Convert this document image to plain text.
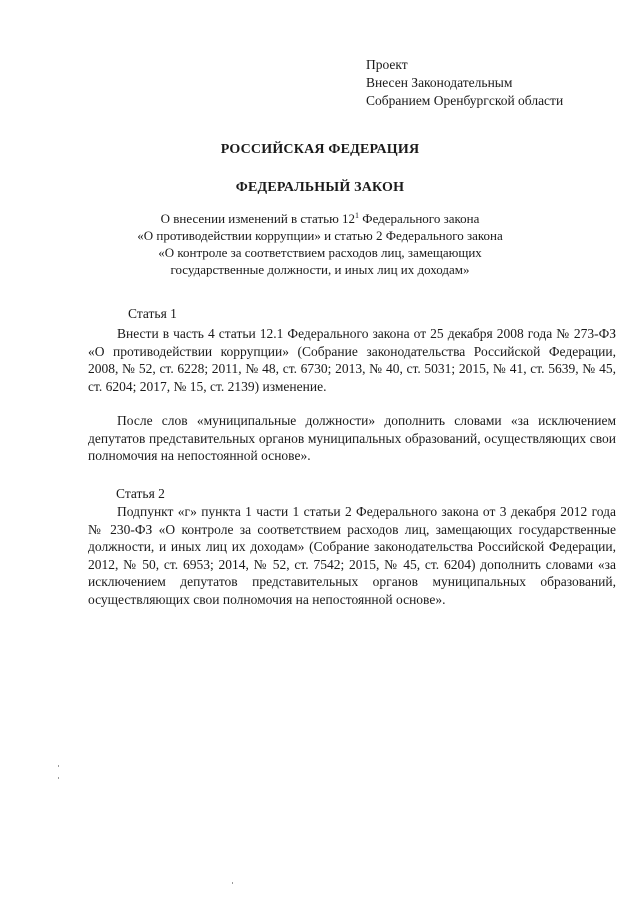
Проект
Внесен Законодательным
Собранием Оренбургской области
РОССИЙСКАЯ ФЕДЕРАЦИЯ
ФЕДЕРАЛЬНЫЙ ЗАКОН
О внесении изменений в статью $12^1$ Федерального закона
«О противодействии коррупции» и статью 2 Федерального закона
«О контроле за соответствием расходов лиц, замещающих
государственные должности, и иных лиц их доходам»
Статья 1
Внести в часть 4 статьи 12.1 Федерального закона от 25 декабря 2008 года № 273-ФЗ «О противодействии коррупции» (Собрание законодательства Российской Федерации, 2008, № 52, ст. 6228; 2011, № 48, ст. 6730; 2013, № 40, ст. 5031; 2015, № 41, ст. 5639, № 45, ст. 6204; 2017, № 15, ст. 2139) изменение.
После слов «муниципальные должности» дополнить словами «за исключением депутатов представительных органов муниципальных образований, осуществляющих свои полномочия на непостоянной основе».
Статья 2
Подпункт «г» пункта 1 части 1 статьи 2 Федерального закона от 3 декабря 2012 года № 230-ФЗ «О контроле за соответствием расходов лиц, замещающих государственные должности, и иных лиц их доходам» (Собрание законодательства Российской Федерации, 2012, № 50, ст. 6953; 2014, № 52, ст. 7542; 2015, № 45, ст. 6204) дополнить словами «за исключением депутатов представительных органов муниципальных образований, осуществляющих свои полномочия на непостоянной основе».
